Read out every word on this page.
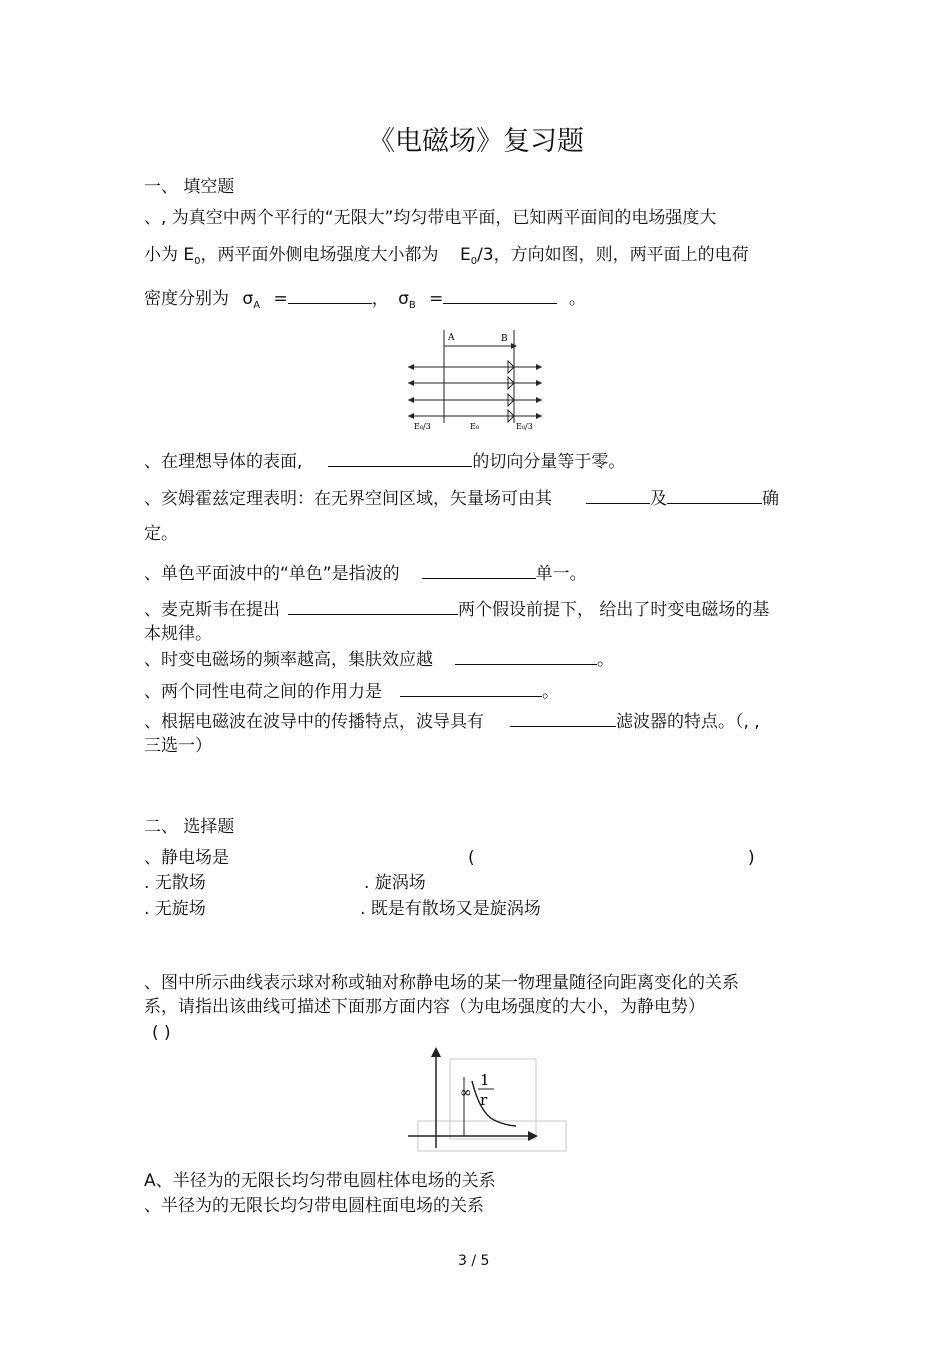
《电磁场》复习题
一、 填空题
、, 为真空中两个平行的“无限大”均匀带电平面，已知两平面间的电场强度大
小为 $E_0$，两平面外侧电场强度大小都为 $E_0/3$，方向如图，则，两平面上的电荷
密度分别为 $\sigma_A$ =	， $\sigma_B$ =	。
A	B
E₀/3	E₀	E₀/3
、在理想导体的表面,	的切向分量等于零。
、亥姆霍兹定理表明：在无界空间区域，矢量场可由其	及	确
定。
、单色平面波中的“单色”是指波的	单一。
、麦克斯韦在提出	两个假设前提下， 给出了时变电磁场的基
本规律。
、时变电磁场的频率越高，集肤效应越	。
、两个同性电荷之间的作用力是	。
、根据电磁波在波导中的传播特点，波导具有	滤波器的特点。（, ,
三选一）
二、 选择题
、静电场是	(	)
. 无散场	. 旋涡场
. 无旋场	. 既是有散场又是旋涡场
、图中所示曲线表示球对称或轴对称静电场的某一物理量随径向距离变化的关系
系，请指出该曲线可描述下面那方面内容（为电场强度的大小，为静电势）
( )
∞
1
r
A、半径为的无限长均匀带电圆柱体电场的关系
、半径为的无限长均匀带电圆柱面电场的关系
3 / 5
